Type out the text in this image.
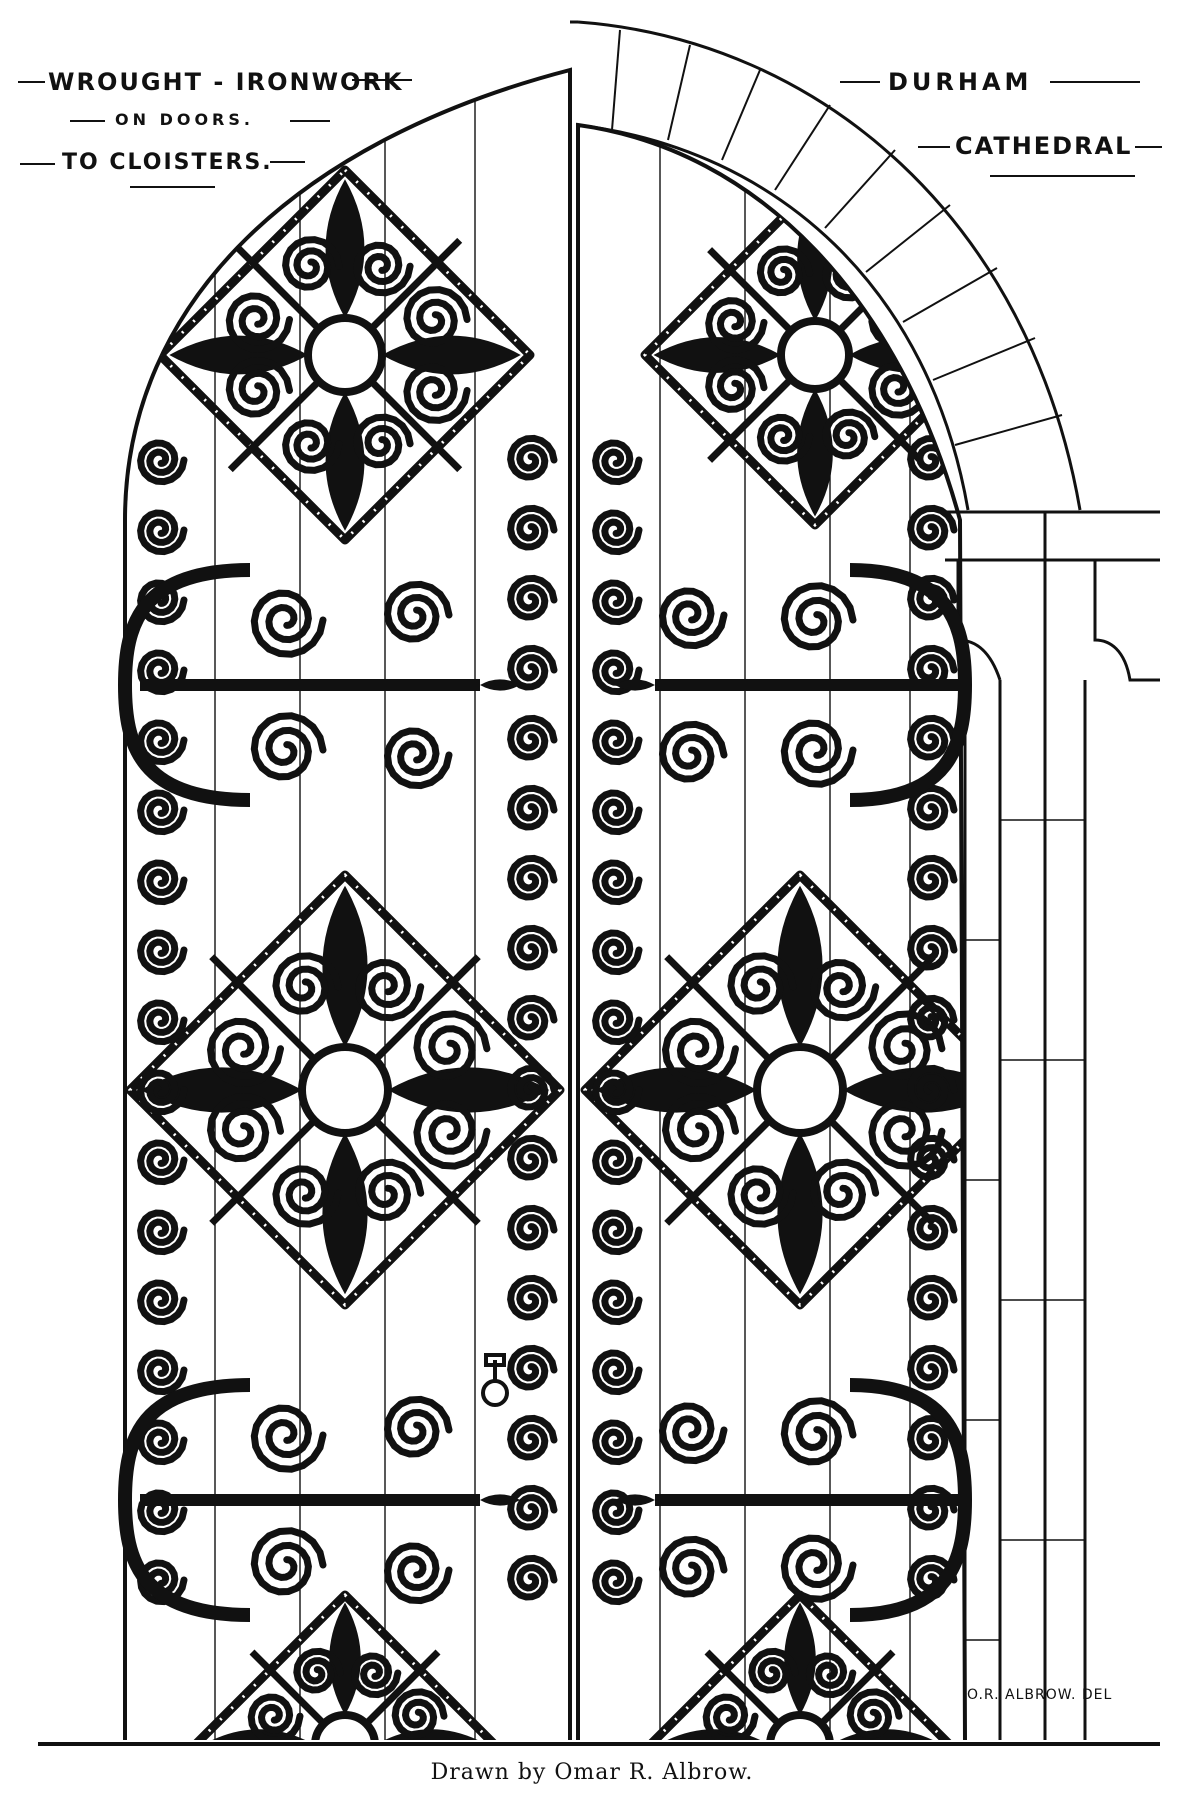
WROUGHT - IRONWORK
ON DOORS.
TO CLOISTERS.
DURHAM
CATHEDRAL
O.R. ALBROW. DEL
Drawn by Omar R. Albrow.
